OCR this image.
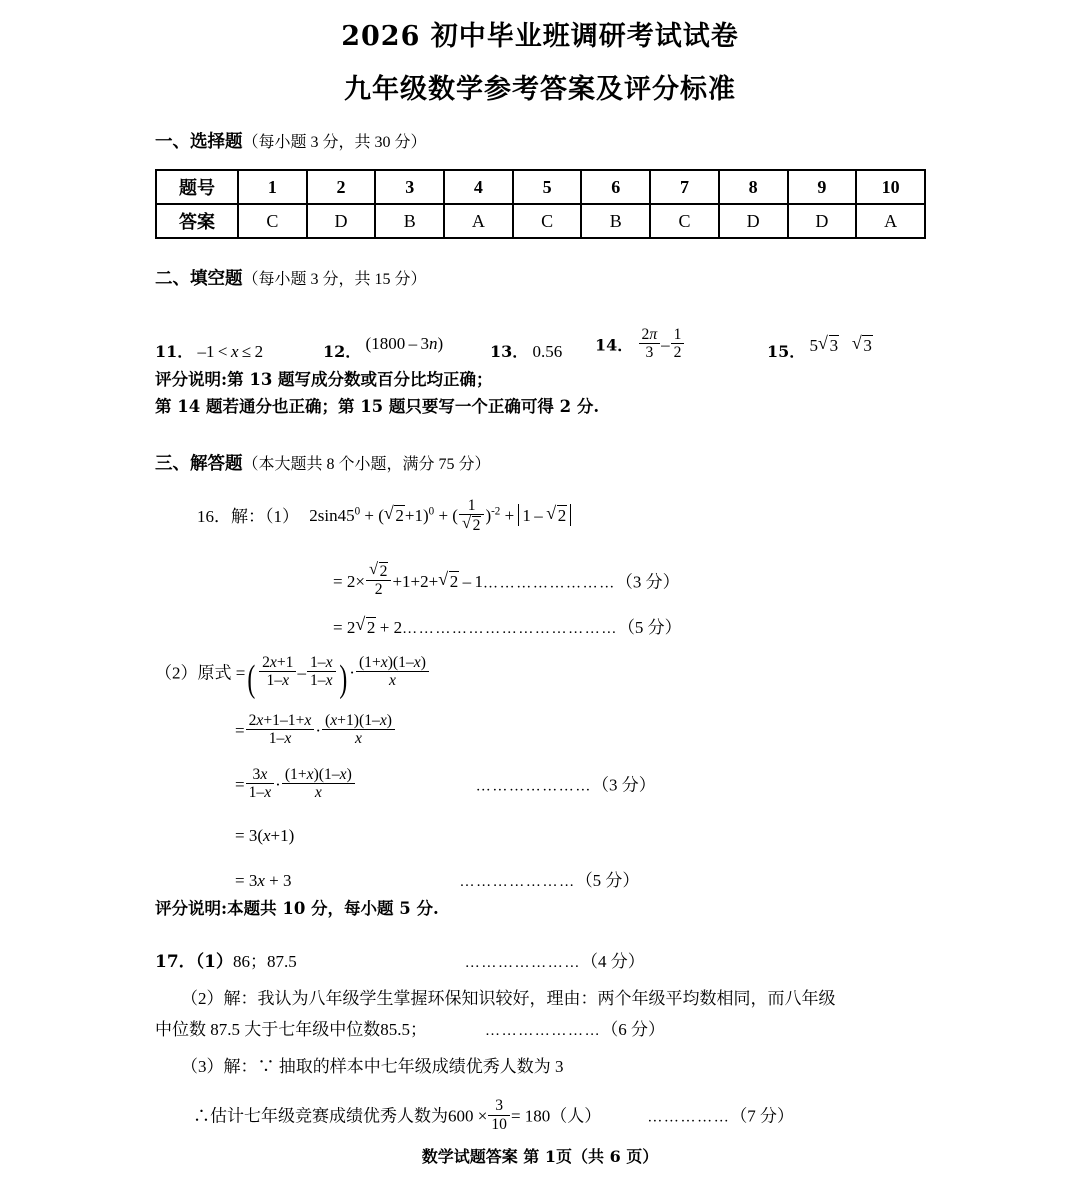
2026 初中毕业班调研考试试卷
九年级数学参考答案及评分标准
一、选择题（每小题 3 分，共 30 分）
题号	1	2	3	4	5	6	7	8	9	10
答案	C	D	B	A	C	B	C	D	D	A
二、填空题（每小题 3 分，共 15 分）
11． –1 < x ≤ 2	12． (1800 – 3n)	13． 0.56 14． $\frac{2\pi}{3} - \frac{1}{2}$	15． 5 √ 3 √ 3
评分说明:第 13 题写成分数或百分比均正确；
第 14 题若通分也正确；第 15 题只要写一个正确可得 2 分.
三、解答题（本大题共 8 个小题，满分 75 分）
16．解：（1） $2\sin 45^0$ + ( √ 2+1)$^0$ + ( 1
√ 2 )$^{-2}$ + 1 – √ 2
= 2× √ $\frac{2}{2} +1+2+$ √ 2 – 1……………………（3 分）
= 2 √ 2 + 2…………………………………（5 分）
（2）原式 =( $\frac{2x+1}{1-x} - \frac{1-x}{1-x}$ ) · $\frac{(1+x)(1-x)}{x}$
= $\frac{2x+1-1+x}{1-x} \cdot \frac{(x+1)(1-x)}{x}$
= $\frac{3x}{1-x} \cdot \frac{(1+x)(1-x)}{x}$	…………………（3 分）
= 3(x+1)
= 3x + 3	…………………（5 分）
评分说明:本题共 10 分，每小题 5 分.
17．（1）86；87.5	…………………（4 分）
（2）解：我认为八年级学生掌握环保知识较好，理由：两个年级平均数相同，而八年级
中位数 87.5 大于七年级中位数85.5；	…………………（6 分）
（3）解：∵ 抽取的样本中七年级成绩优秀人数为 3
∴估计七年级竞赛成绩优秀人数为$600 \times \frac{3}{10} = 180$（人）	……………（7 分）
数学试题答案 第 1页（共 6 页）
